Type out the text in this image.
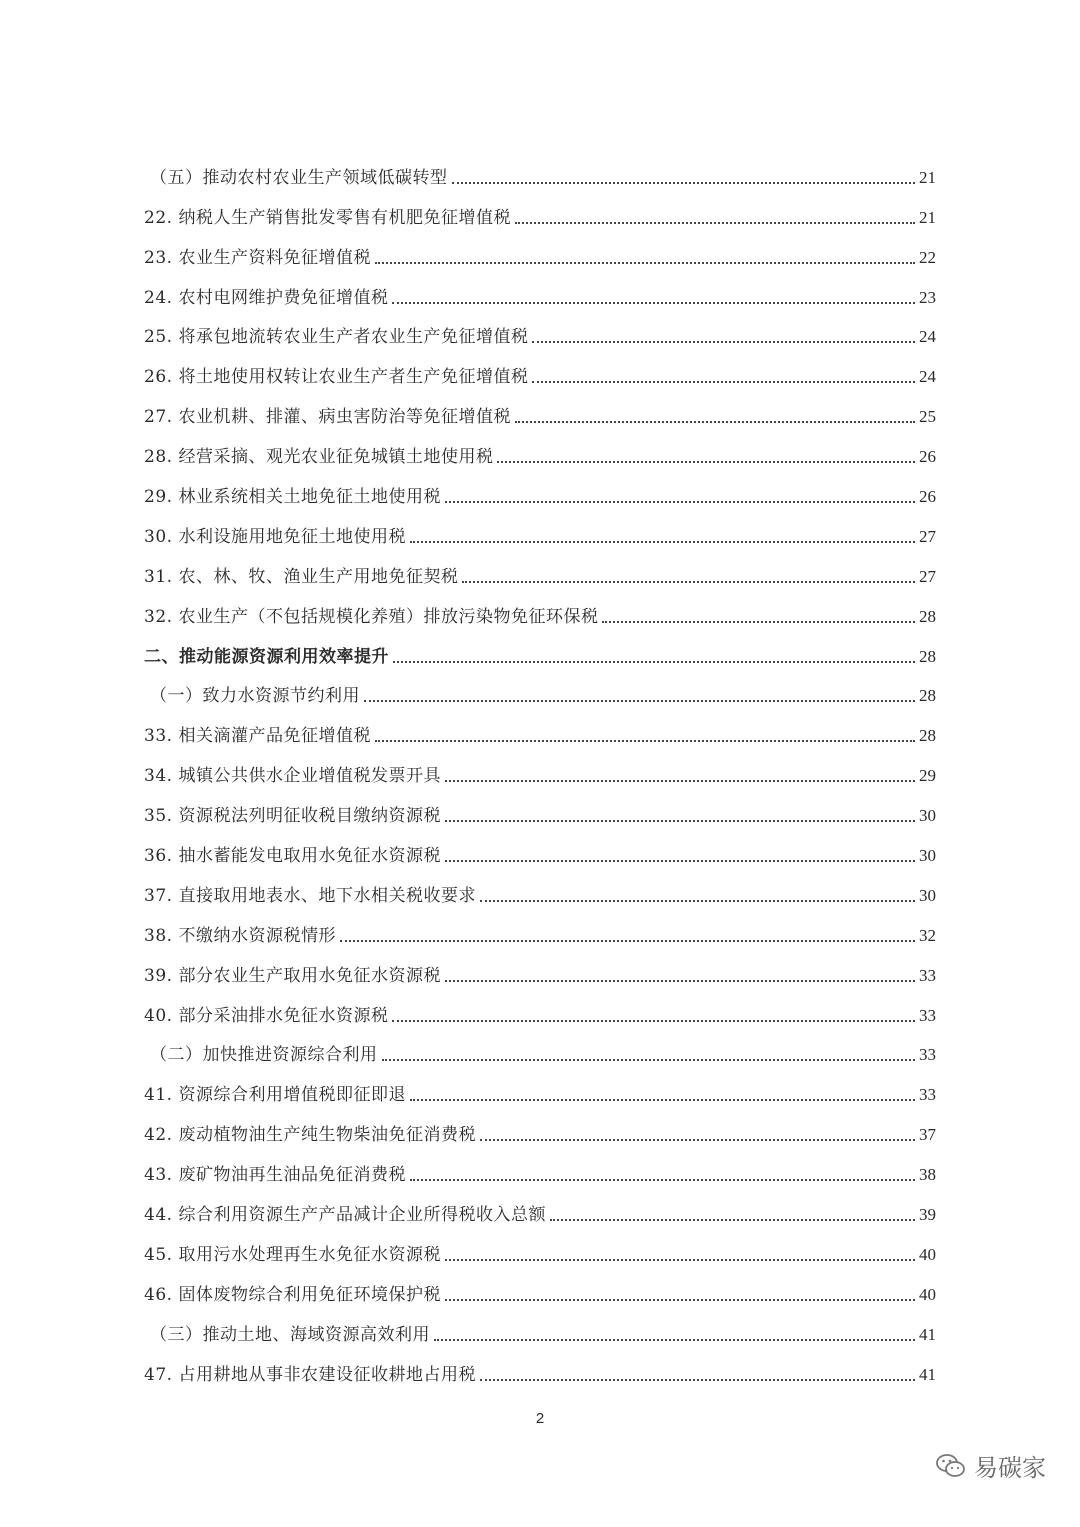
（五）推动农村农业生产领域低碳转型	21
22. 纳税人生产销售批发零售有机肥免征增值税	21
23. 农业生产资料免征增值税	22
24. 农村电网维护费免征增值税	23
25. 将承包地流转农业生产者农业生产免征增值税	24
26. 将土地使用权转让农业生产者生产免征增值税	24
27. 农业机耕、排灌、病虫害防治等免征增值税	25
28. 经营采摘、观光农业征免城镇土地使用税	26
29. 林业系统相关土地免征土地使用税	26
30. 水利设施用地免征土地使用税	27
31. 农、林、牧、渔业生产用地免征契税	27
32. 农业生产（不包括规模化养殖）排放污染物免征环保税	28
二、推动能源资源利用效率提升	28
（一）致力水资源节约利用	28
33. 相关滴灌产品免征增值税	28
34. 城镇公共供水企业增值税发票开具	29
35. 资源税法列明征收税目缴纳资源税	30
36. 抽水蓄能发电取用水免征水资源税	30
37. 直接取用地表水、地下水相关税收要求	30
38. 不缴纳水资源税情形	32
39. 部分农业生产取用水免征水资源税	33
40. 部分采油排水免征水资源税	33
（二）加快推进资源综合利用	33
41. 资源综合利用增值税即征即退	33
42. 废动植物油生产纯生物柴油免征消费税	37
43. 废矿物油再生油品免征消费税	38
44. 综合利用资源生产产品减计企业所得税收入总额	39
45. 取用污水处理再生水免征水资源税	40
46. 固体废物综合利用免征环境保护税	40
（三）推动土地、海域资源高效利用	41
47. 占用耕地从事非农建设征收耕地占用税	41
2
易碳家
